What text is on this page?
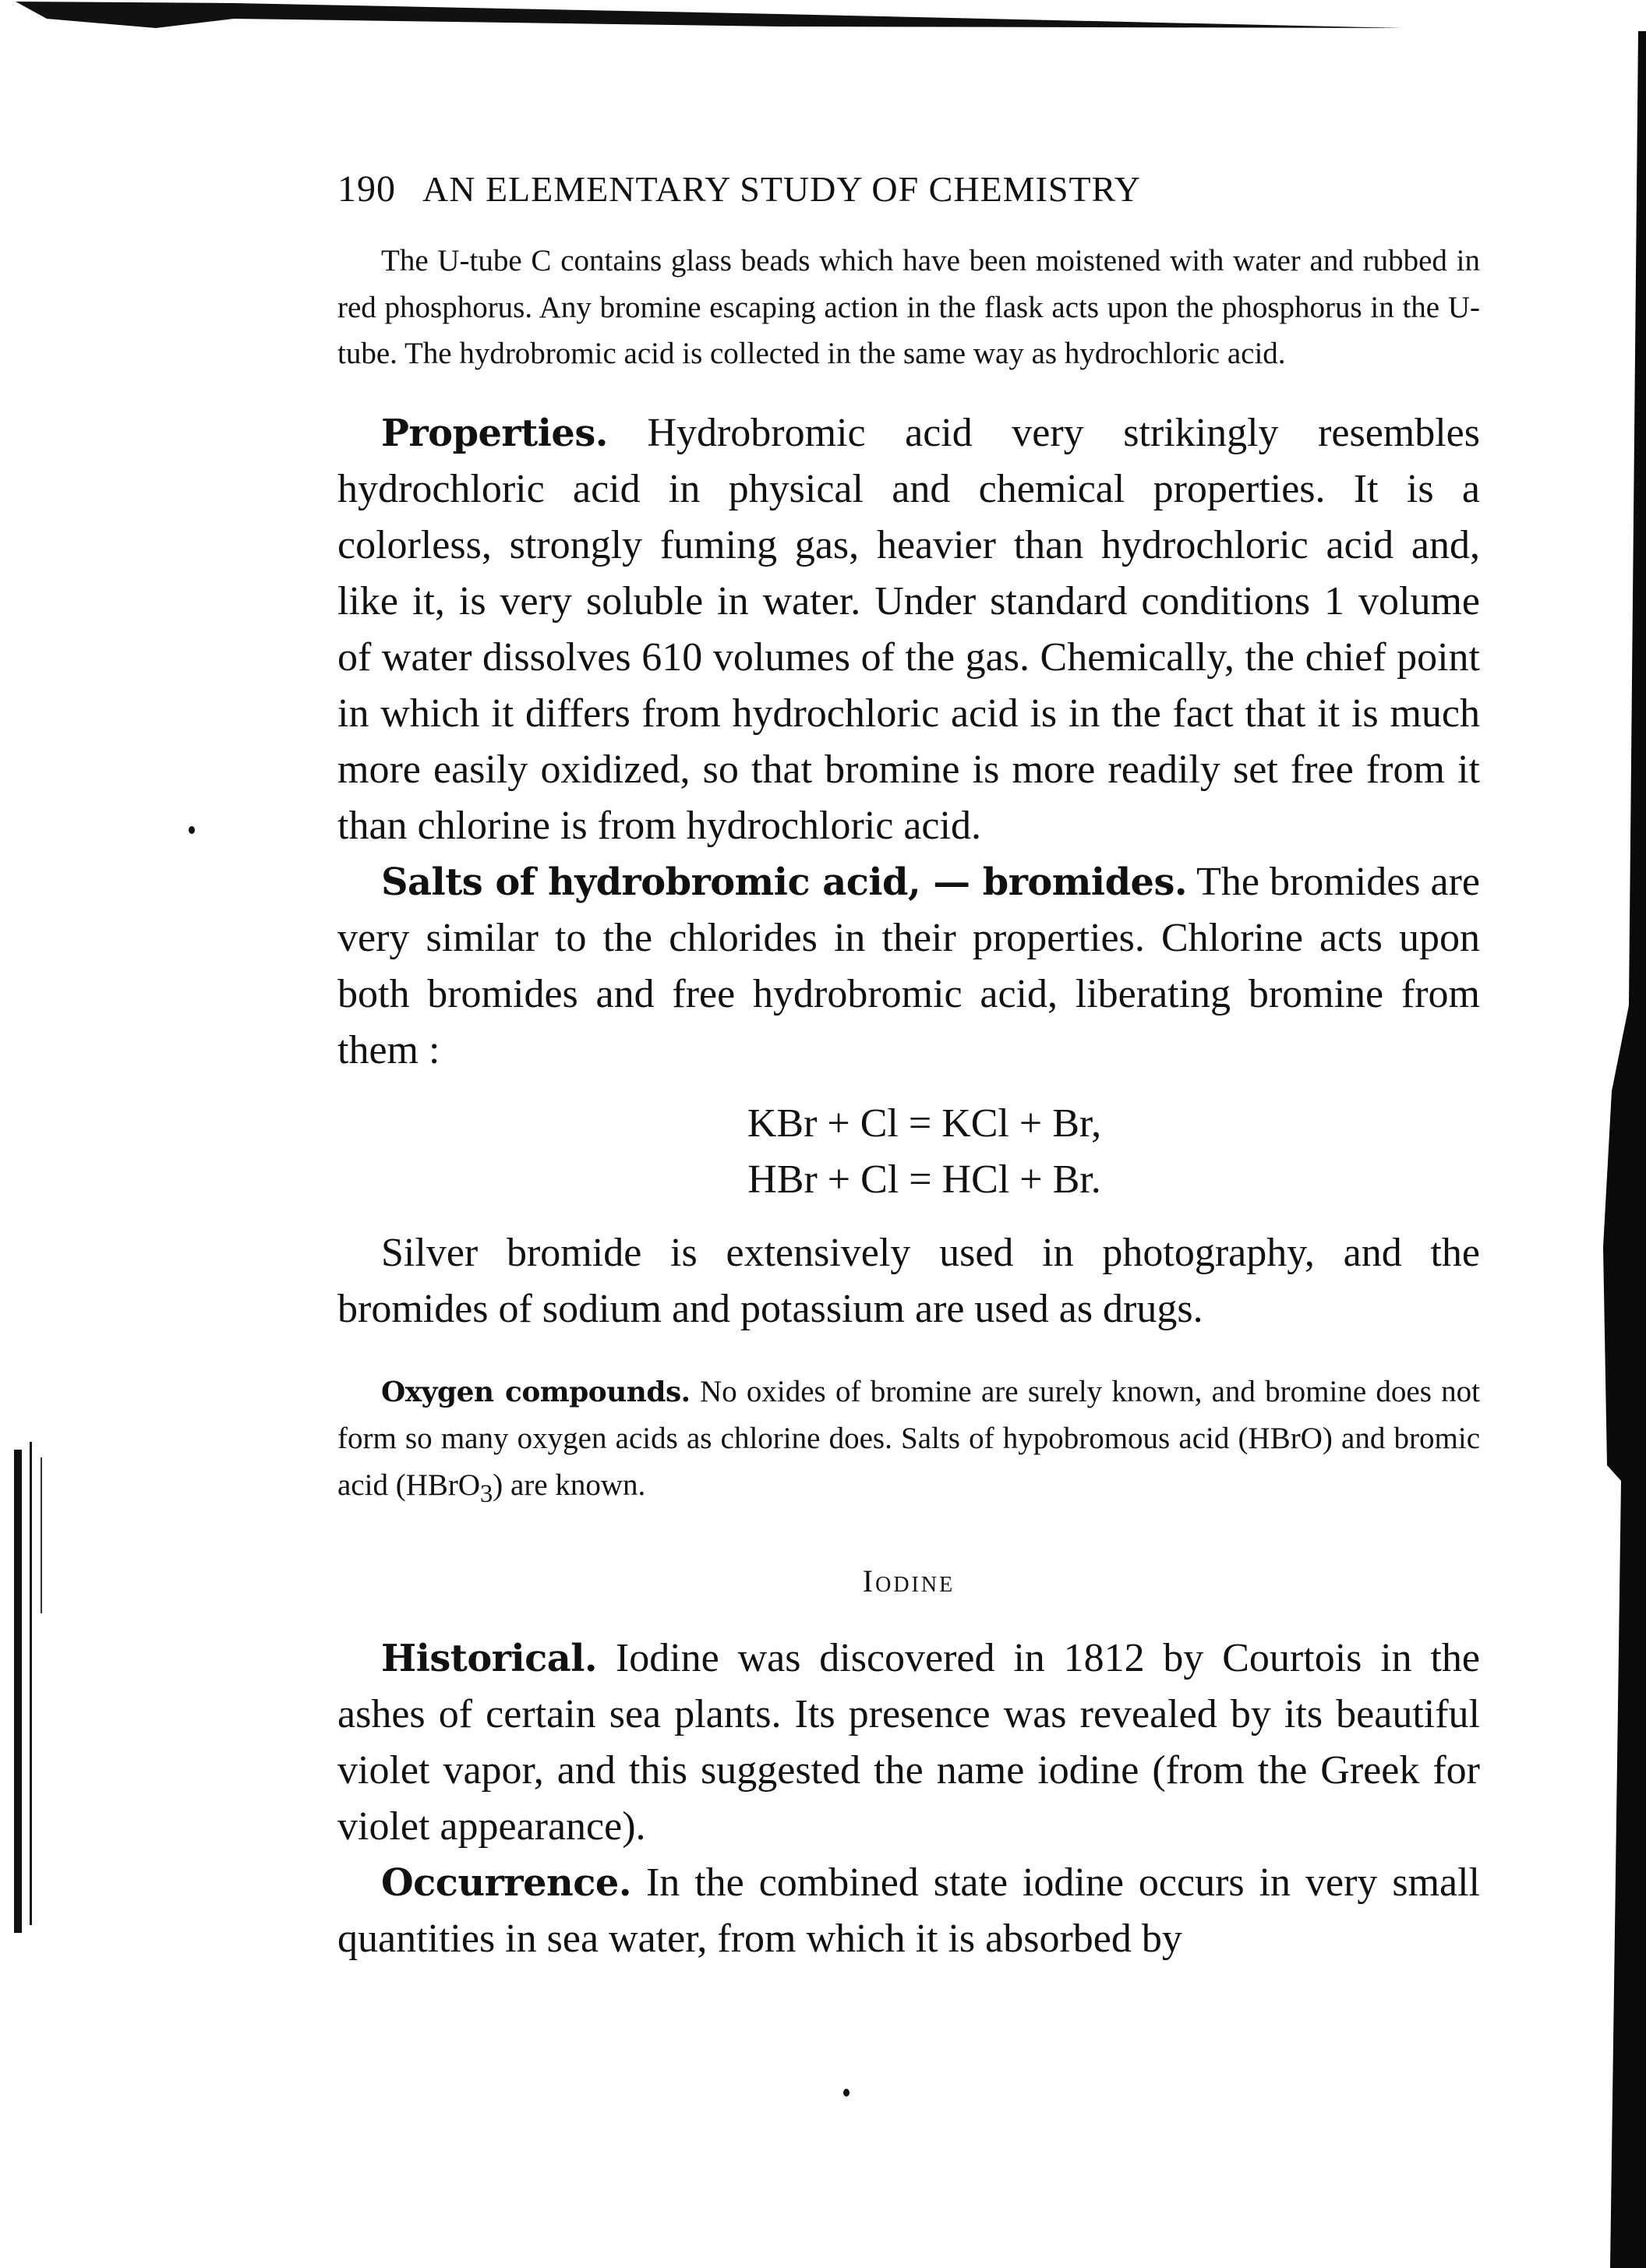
190 AN ELEMENTARY STUDY OF CHEMISTRY

The U-tube C contains glass beads which have been moistened with water and rubbed in red phosphorus. Any bromine escaping action in the flask acts upon the phosphorus in the U-tube. The hydrobromic acid is collected in the same way as hydrochloric acid.

Properties. Hydrobromic acid very strikingly resembles hydrochloric acid in physical and chemical properties. It is a colorless, strongly fuming gas, heavier than hydrochloric acid and, like it, is very soluble in water. Under standard conditions 1 volume of water dissolves 610 volumes of the gas. Chemically, the chief point in which it differs from hydrochloric acid is in the fact that it is much more easily oxidized, so that bromine is more readily set free from it than chlorine is from hydrochloric acid.

Salts of hydrobromic acid, — bromides. The bromides are very similar to the chlorides in their properties. Chlorine acts upon both bromides and free hydrobromic acid, liberating bromine from them :

KBr + Cl = KCl + Br,
HBr + Cl = HCl + Br.

Silver bromide is extensively used in photography, and the bromides of sodium and potassium are used as drugs.

Oxygen compounds. No oxides of bromine are surely known, and bromine does not form so many oxygen acids as chlorine does. Salts of hypobromous acid (HBrO) and bromic acid (HBrO$_3$) are known.

Iodine

Historical. Iodine was discovered in 1812 by Courtois in the ashes of certain sea plants. Its presence was revealed by its beautiful violet vapor, and this suggested the name iodine (from the Greek for violet appearance).

Occurrence. In the combined state iodine occurs in very small quantities in sea water, from which it is absorbed by
